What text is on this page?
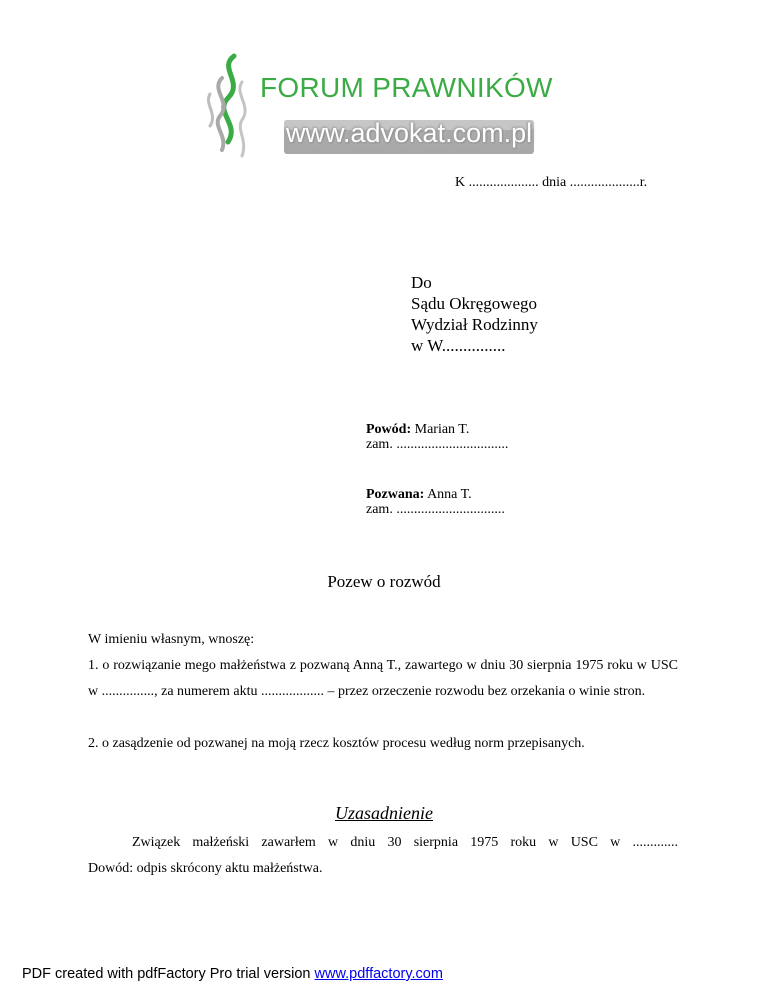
FORUM PRAWNIKÓW
www.advokat.com.pl
K .................... dnia ....................r.
Do
Sądu Okręgowego
Wydział Rodzinny
w W...............
Powód: Marian T.
zam. ................................
Pozwana: Anna T.
zam. ...............................
Pozew o rozwód
W imieniu własnym, wnoszę:
1. o rozwiązanie mego małżeństwa z pozwaną Anną T., zawartego w dniu 30 sierpnia 1975 roku w USC w ..............., za numerem aktu .................. – przez orzeczenie rozwodu bez orzekania o winie stron.
2. o zasądzenie od pozwanej na moją rzecz kosztów procesu według norm przepisanych.
Uzasadnienie
Związek małżeński zawarłem w dniu 30 sierpnia 1975 roku w USC w .............
Dowód: odpis skrócony aktu małżeństwa.
PDF created with pdfFactory Pro trial version www.pdffactory.com
